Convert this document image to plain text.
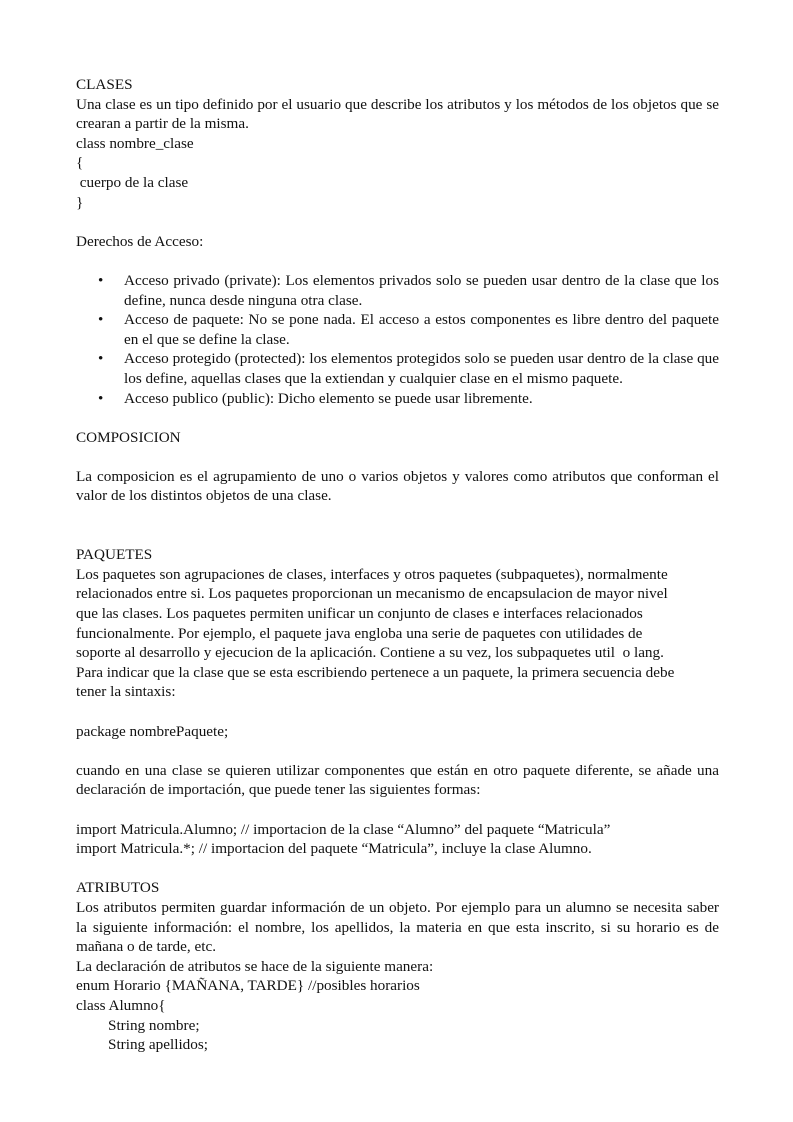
CLASES

Una clase es un tipo definido por el usuario que describe los atributos y los métodos de los objetos que se crearan a partir de la misma.

class nombre_clase

{

cuerpo de la clase

}

Derechos de Acceso:

• Acceso privado (private): Los elementos privados solo se pueden usar dentro de la clase que los define, nunca desde ninguna otra clase.
• Acceso de paquete: No se pone nada. El acceso a estos componentes es libre dentro del paquete en el que se define la clase.
• Acceso protegido (protected): los elementos protegidos solo se pueden usar dentro de la clase que los define, aquellas clases que la extiendan y cualquier clase en el mismo paquete.
• Acceso publico (public): Dicho elemento se puede usar libremente.

COMPOSICION

La composicion es el agrupamiento de uno o varios objetos y valores como atributos que conforman el valor de los distintos objetos de una clase.

PAQUETES

Los paquetes son agrupaciones de clases, interfaces y otros paquetes (subpaquetes), normalmente

relacionados entre si. Los paquetes proporcionan un mecanismo de encapsulacion de mayor nivel

que las clases. Los paquetes permiten unificar un conjunto de clases e interfaces relacionados

funcionalmente. Por ejemplo, el paquete java engloba una serie de paquetes con utilidades de

soporte al desarrollo y ejecucion de la aplicación. Contiene a su vez, los subpaquetes util  o lang.

Para indicar que la clase que se esta escribiendo pertenece a un paquete, la primera secuencia debe

tener la sintaxis:

package nombrePaquete;

cuando en una clase se quieren utilizar componentes que están en otro paquete diferente, se añade una declaración de importación, que puede tener las siguientes formas:

import Matricula.Alumno; // importacion de la clase “Alumno” del paquete “Matricula”

import Matricula.*; // importacion del paquete “Matricula”, incluye la clase Alumno.

ATRIBUTOS

Los atributos permiten guardar información de un objeto. Por ejemplo para un alumno se necesita saber la siguiente información: el nombre, los apellidos, la materia en que esta inscrito, si su horario es de mañana o de tarde, etc.

La declaración de atributos se hace de la siguiente manera:

enum Horario {MAÑANA, TARDE} //posibles horarios

class Alumno{

String nombre;

String apellidos;
